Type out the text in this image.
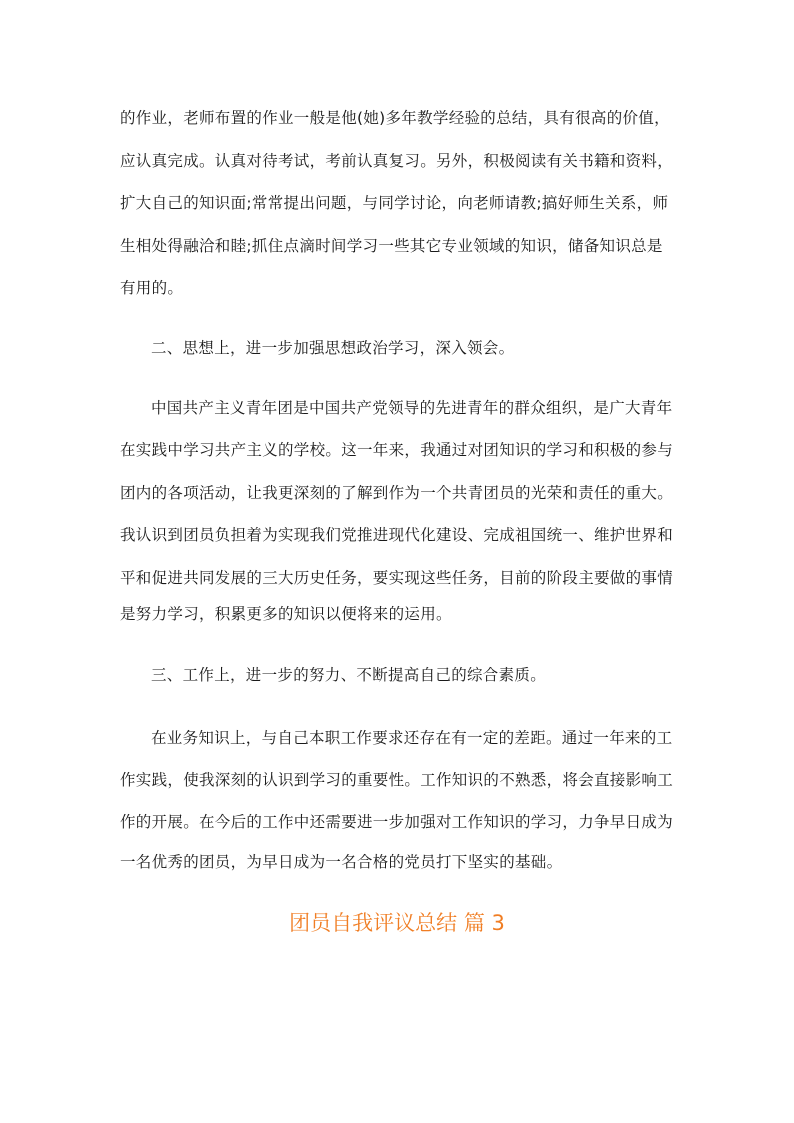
的作业，老师布置的作业一般是他(她)多年教学经验的总结，具有很高的价值，
应认真完成。认真对待考试，考前认真复习。另外，积极阅读有关书籍和资料，
扩大自己的知识面;常常提出问题，与同学讨论，向老师请教;搞好师生关系，师
生相处得融洽和睦;抓住点滴时间学习一些其它专业领域的知识，储备知识总是
有用的。
二、思想上，进一步加强思想政治学习，深入领会。
中国共产主义青年团是中国共产党领导的先进青年的群众组织，是广大青年
在实践中学习共产主义的学校。这一年来，我通过对团知识的学习和积极的参与
团内的各项活动，让我更深刻的了解到作为一个共青团员的光荣和责任的重大。
我认识到团员负担着为实现我们党推进现代化建设、完成祖国统一、维护世界和
平和促进共同发展的三大历史任务，要实现这些任务，目前的阶段主要做的事情
是努力学习，积累更多的知识以便将来的运用。
三、工作上，进一步的努力、不断提高自己的综合素质。
在业务知识上，与自己本职工作要求还存在有一定的差距。通过一年来的工
作实践，使我深刻的认识到学习的重要性。工作知识的不熟悉，将会直接影响工
作的开展。在今后的工作中还需要进一步加强对工作知识的学习，力争早日成为
一名优秀的团员，为早日成为一名合格的党员打下坚实的基础。
团员自我评议总结 篇 3
